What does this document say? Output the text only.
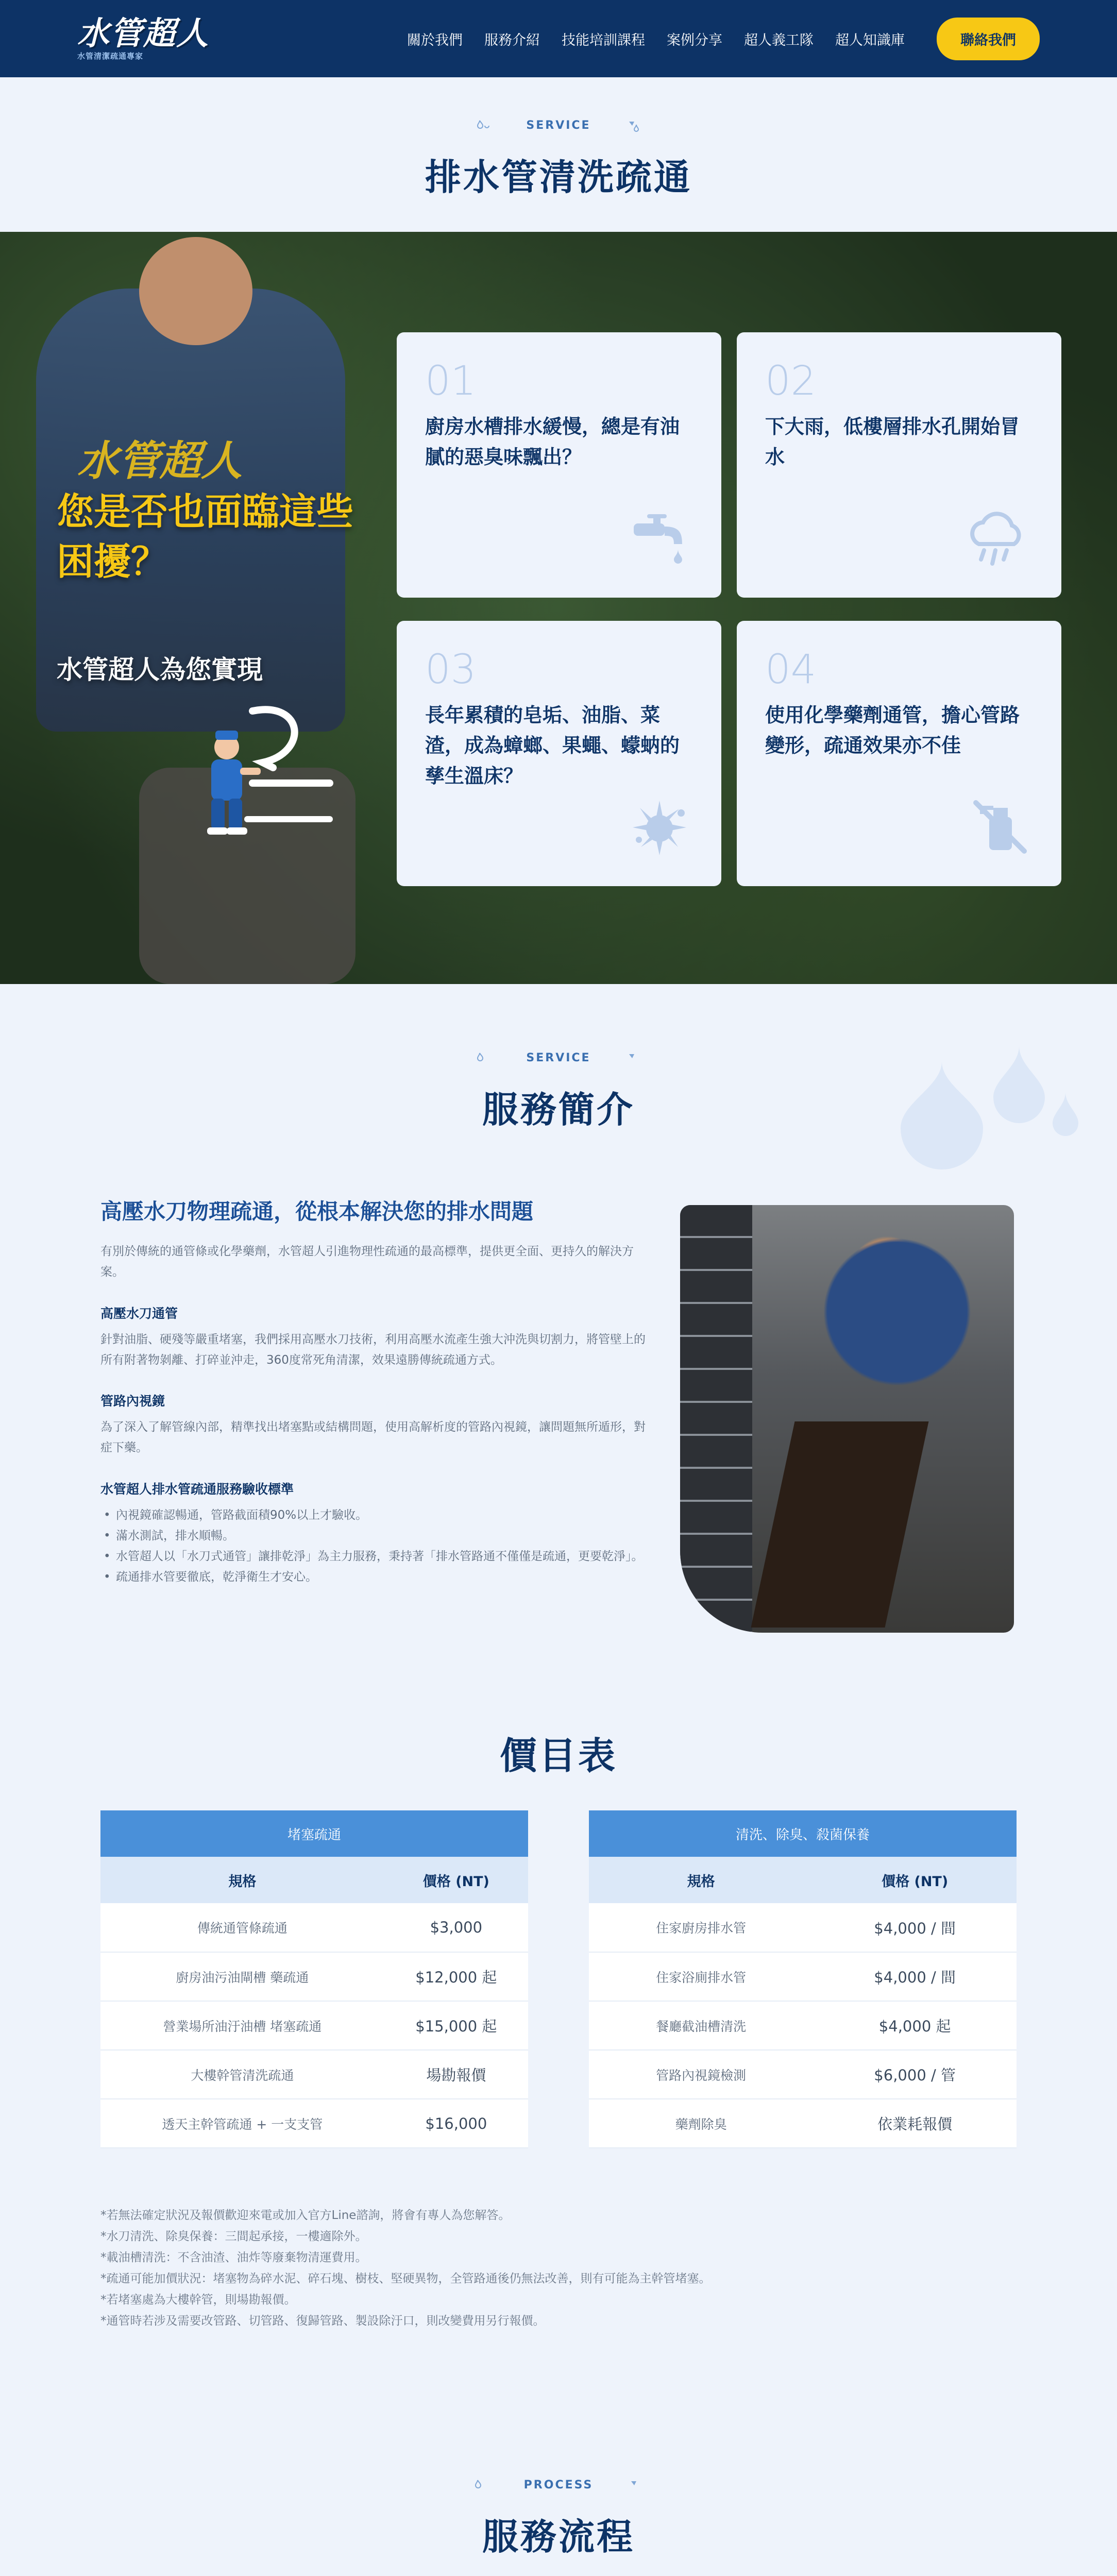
水管超人
水管清潔疏通專家
關於我們 服務介紹 技能培訓課程 案例分享 超人義工隊 超人知識庫	聯絡我們
SERVICE
排水管清洗疏通
水管超人
您是否也面臨這些
困擾？
水管超人為您實現
01
廚房水槽排水緩慢，總是有油膩的惡臭味飄出？
02
下大雨，低樓層排水孔開始冒水
03
長年累積的皂垢、油脂、菜渣，成為蟑螂、果蠅、蠓蚋的孳生溫床？
04
使用化學藥劑通管，擔心管路變形，疏通效果亦不佳
SERVICE
服務簡介
高壓水刀物理疏通，從根本解決您的排水問題

有別於傳統的通管條或化學藥劑，水管超人引進物理性疏通的最高標準，提供更全面、更持久的解決方案。

高壓水刀通管

針對油脂、硬殘等嚴重堵塞，我們採用高壓水刀技術，利用高壓水流產生強大沖洗與切割力，將管壁上的所有附著物剝離、打碎並沖走，360度常死角清潔，效果遠勝傳統疏通方式。

管路內視鏡

為了深入了解管線內部，精準找出堵塞點或結構問題，使用高解析度的管路內視鏡，讓問題無所遁形，對症下藥。

水管超人排水管疏通服務驗收標準
• 內視鏡確認暢通，管路截面積90%以上才驗收。
• 滿水測試，排水順暢。
• 水管超人以「水刀式通管」讓排乾淨」為主力服務，秉持著「排水管路通不僅僅是疏通，更要乾淨」。
• 疏通排水管要徹底，乾淨衛生才安心。
價目表
堵塞疏通	
規格	價格 (NT)
傳統通管條疏通	$3,000
廚房油污油閘槽 藥疏通	$12,000 起
營業場所油汙油槽 堵塞疏通	$15,000 起
大樓幹管清洗疏通	場勘報價
透天主幹管疏通 + 一支支管	$16,000
清洗、除臭、殺菌保養	
規格	價格 (NT)
住家廚房排水管	$4,000 / 間
住家浴廁排水管	$4,000 / 間
餐廳截油槽清洗	$4,000 起
管路內視鏡檢測	$6,000 / 管
藥劑除臭	依業耗報價

*若無法確定狀況及報價歡迎來電或加入官方Line諮詢，將會有專人為您解答。

*水刀清洗、除臭保養：三間起承接，一樓適除外。

*載油槽清洗：不含油渣、油炸等廢棄物清運費用。

*疏通可能加價狀況：堵塞物為碎水泥、碎石塊、樹枝、堅硬異物，全管路通後仍無法改善，則有可能為主幹管堵塞。

*若堵塞處為大樓幹管，則場勘報價。

*通管時若涉及需要改管路、切管路、復歸管路、製設除汙口，則改變費用另行報價。

PROCESS
服務流程
